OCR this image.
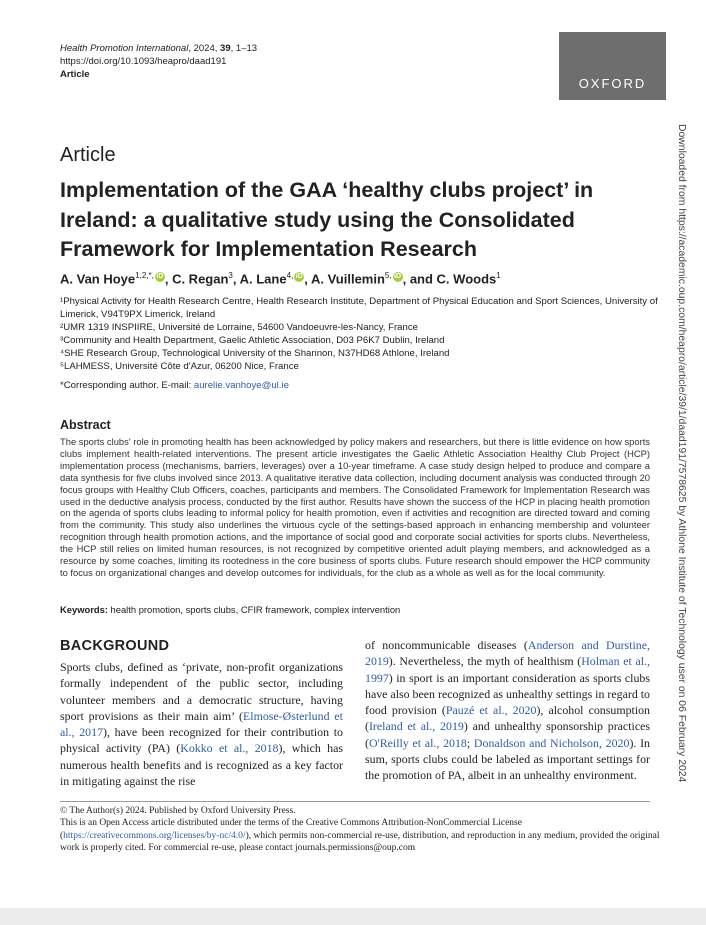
Health Promotion International, 2024, 39, 1–13
https://doi.org/10.1093/heapro/daad191
Article
OXFORD
Article
Implementation of the GAA ‘healthy clubs project’ in Ireland: a qualitative study using the Consolidated Framework for Implementation Research
A. Van Hoye$^{1,2,*,}$ iD , C. Regan$^3$, A. Lane$^{4,}$ iD , A. Vuillemin$^{5,}$ iD , and C. Woods$^1$

¹Physical Activity for Health Research Centre, Health Research Institute, Department of Physical Education and Sport Sciences, University of Limerick, V94T9PX Limerick, Ireland

²UMR 1319 INSPIIRE, Université de Lorraine, 54600 Vandoeuvre-les-Nancy, France

³Community and Health Department, Gaelic Athletic Association, D03 P6K7 Dublin, Ireland

⁴SHE Research Group, Technological University of the Shannon, N37HD68 Athlone, Ireland

⁵LAHMESS, Université Côte d'Azur, 06200 Nice, France

*Corresponding author. E-mail: aurelie.vanhoye@ul.ie

Abstract

The sports clubs' role in promoting health has been acknowledged by policy makers and researchers, but there is little evidence on how sports clubs implement health-related interventions. The present article investigates the Gaelic Athletic Association Healthy Club Project (HCP) implementation process (mechanisms, barriers, leverages) over a 10-year timeframe. A case study design helped to produce and compare a data synthesis for five clubs involved since 2013. A qualitative iterative data collection, including document analysis was conducted through 20 focus groups with Healthy Club Officers, coaches, participants and members. The Consolidated Framework for Implementation Research was used in the deductive analysis process, conducted by the first author. Results have shown the success of the HCP in placing health promotion on the agenda of sports clubs leading to informal policy for health promotion, even if activities and recognition are directed toward and coming from the community. This study also underlines the virtuous cycle of the settings-based approach in enhancing membership and volunteer recognition through health promotion actions, and the importance of social good and corporate social activities for sports clubs. Nevertheless, the HCP still relies on limited human resources, is not recognized by competitive oriented adult playing members, and acknowledged as a resource by some coaches, limiting its rootedness in the core business of sports clubs. Future research should empower the HCP community to focus on organizational changes and develop outcomes for individuals, for the club as a whole as well as for the local community.

Keywords: health promotion, sports clubs, CFIR framework, complex intervention
BACKGROUND

Sports clubs, defined as ‘private, non-profit organizations formally independent of the public sector, including volunteer members and a democratic structure, having sport provisions as their main aim’ (Elmose-Østerlund et al., 2017), have been recognized for their contribution to physical activity (PA) (Kokko et al., 2018), which has numerous health benefits and is recognized as a key factor in mitigating against the rise

of noncommunicable diseases (Anderson and Durstine, 2019). Nevertheless, the myth of healthism (Holman et al., 1997) in sport is an important consideration as sports clubs have also been recognized as unhealthy settings in regard to food provision (Pauzé et al., 2020), alcohol consumption (Ireland et al., 2019) and unhealthy sponsorship practices (O'Reilly et al., 2018; Donaldson and Nicholson, 2020). In sum, sports clubs could be labeled as important settings for the promotion of PA, albeit in an unhealthy environment.

© The Author(s) 2024. Published by Oxford University Press.
This is an Open Access article distributed under the terms of the Creative Commons Attribution-NonCommercial License (https://creativecommons.org/licenses/by-nc/4.0/), which permits non-commercial re-use, distribution, and reproduction in any medium, provided the original work is properly cited. For commercial re-use, please contact journals.permissions@oup.com
Downloaded from https://academic.oup.com/heapro/article/39/1/daad191/7578625 by Athlone Institute of Technology user on 06 February 2024
